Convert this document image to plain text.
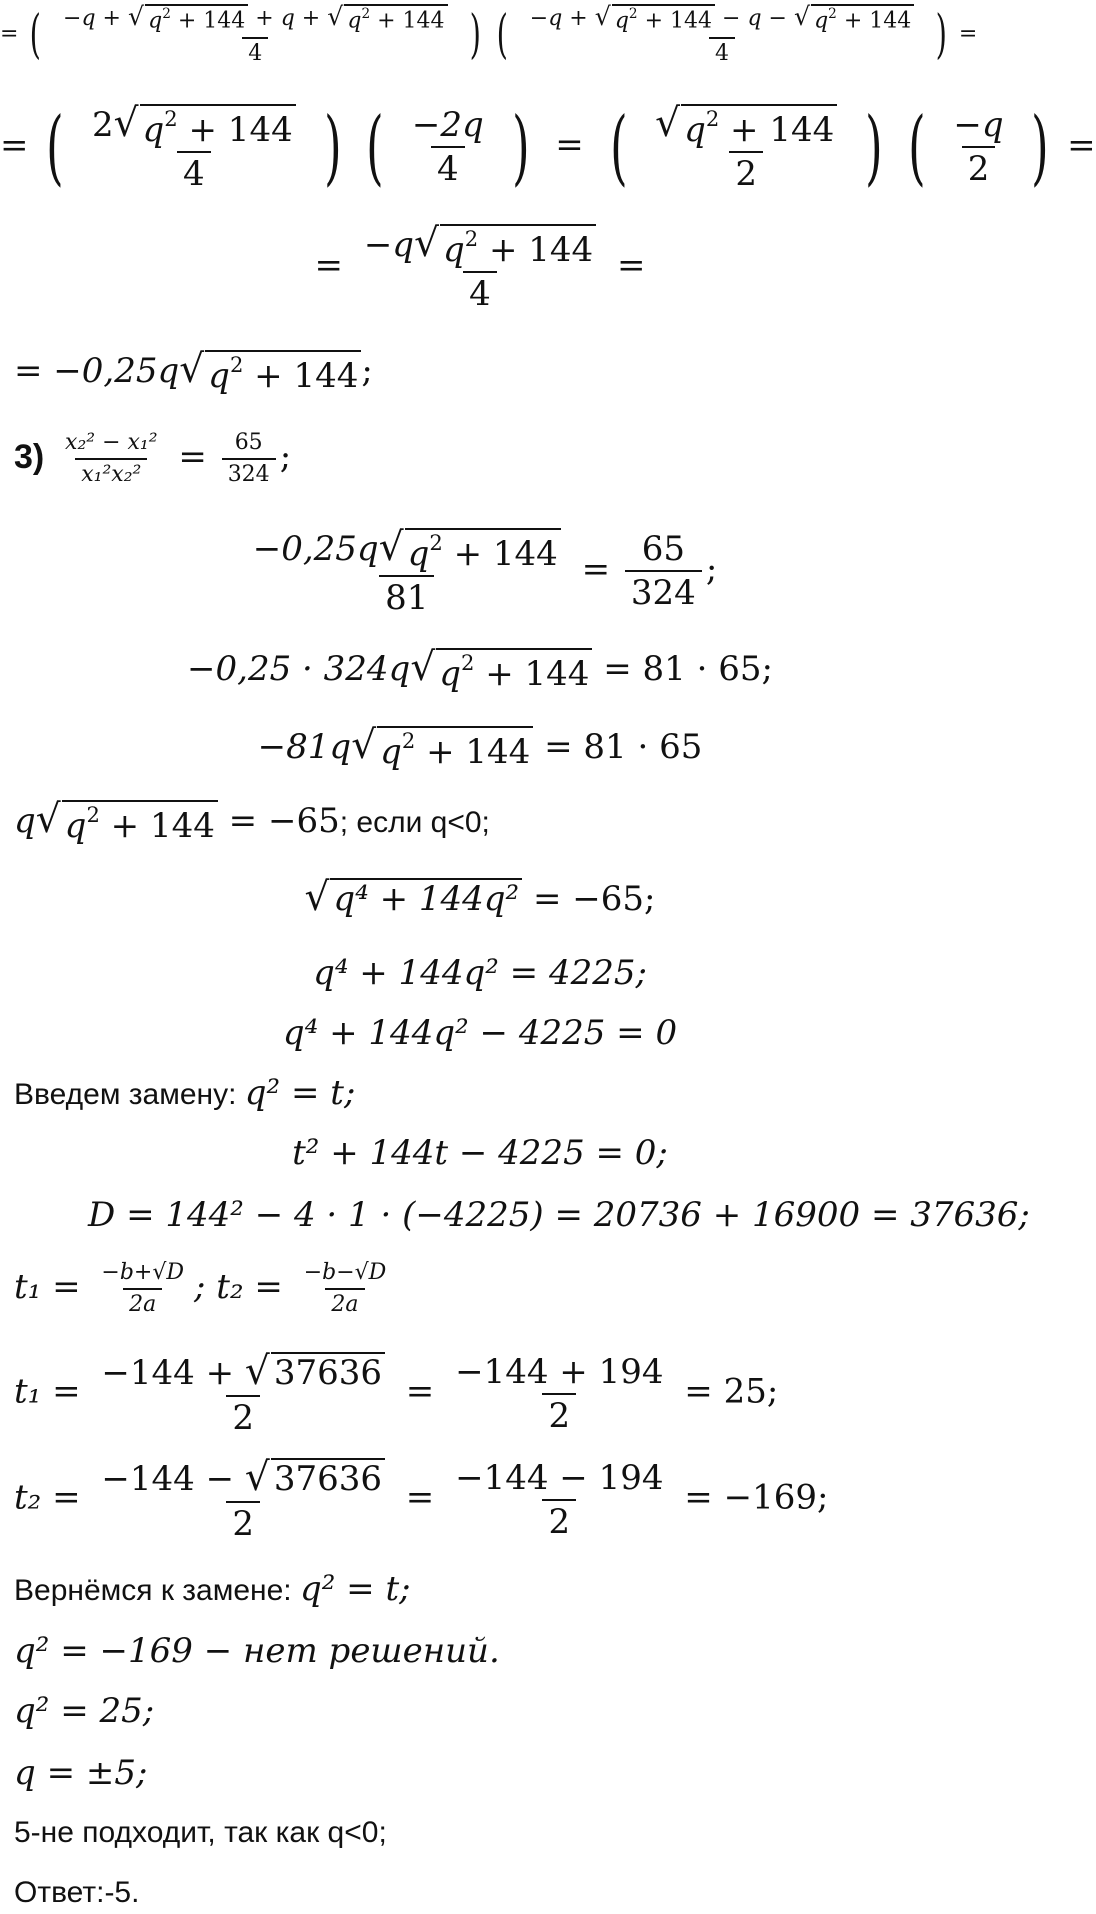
= ( $\frac{-q + √ q^2 + 144 + q + √ q^2 + 144}{4}$ ) ( $\frac{-q + √ q^2 + 144 - q - √ q^2 + 144}{4}$ ) =
= ( $\frac{2 √ q^2 + 144}{4}$ ) ( $\frac{-2q}{4}$ ) = ( $\frac{√ q^2 + 144}{2}$ ) ( $\frac{-q}{2}$ ) =
= $\frac{-q √ q^2 + 144}{4}$ =
= −0,25q √ $q^2 + 144$ ;
$3) \frac{\text{x₂² − x₁²}}{\text{x₁²x₂²}} = \frac{65}{324}$ ;
$\frac{-0,25q √ q^2 + 144}{81} = \frac{65}{324}$ ;
−0,25 · 324q √ $q^2 + 144 = 81 \cdot 65$;
−81q √ $q^2 + 144 = 81 \cdot 65$
q √ $q^2 + 144 = -65$; если q<0;
√ q⁴ + 144q² = −65;
q⁴ + 144q² = 4225;
q⁴ + 144q² − 4225 = 0
Введем замену: q² = t;
t² + 144t − 4225 = 0;
D = 144² − 4 · 1 · (−4225) = 20736 + 16900 = 37636;
$t_1 = \frac{-b+√D}{2a}$ ; $t_2 = \frac{-b-√D}{2a}$
$t_1 = \frac{-144 + √ 37636}{2} = \frac{-144 + 194}{2} = 25$;
$t_2 = \frac{-144 - √ 37636}{2} = \frac{-144 - 194}{2} = -169$;
Вернёмся к замене: q² = t;
q² = −169 − нет решений.
q² = 25;
q = ±5;
5-не подходит, так как q<0;
Ответ:-5.
